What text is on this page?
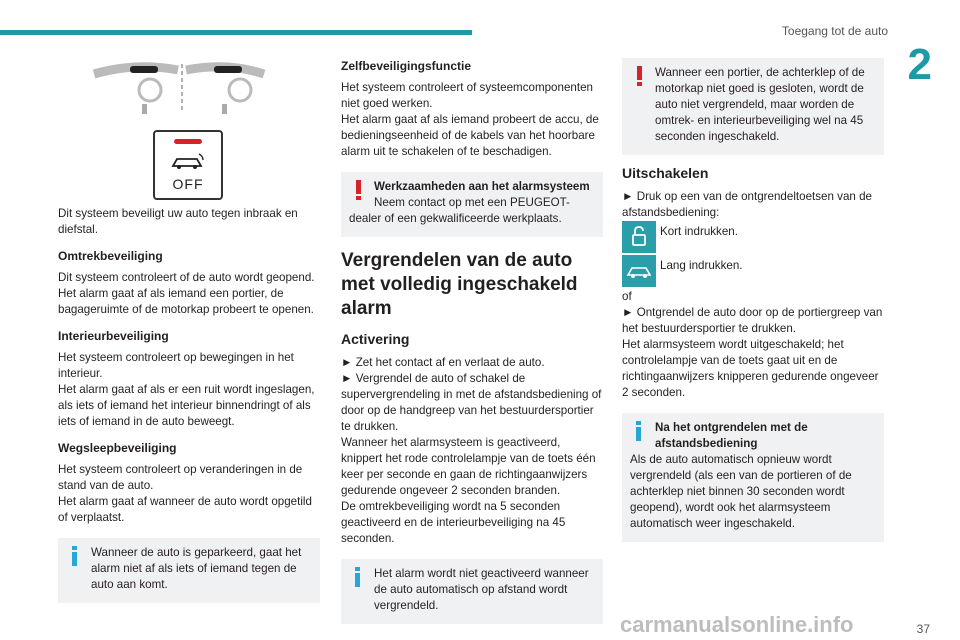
Toegang tot de auto
2
OFF

Dit systeem beveiligt uw auto tegen inbraak en diefstal.

Omtrekbeveiliging

Dit systeem controleert of de auto wordt geopend. Het alarm gaat af als iemand een portier, de bagageruimte of de motorkap probeert te openen.

Interieurbeveiliging

Het systeem controleert op bewegingen in het interieur.

Het alarm gaat af als er een ruit wordt ingeslagen, als iets of iemand het interieur binnendringt of als iets of iemand in de auto beweegt.

Wegsleepbeveiliging

Het systeem controleert op veranderingen in de stand van de auto.

Het alarm gaat af wanneer de auto wordt opgetild of verplaatst.

Wanneer de auto is geparkeerd, gaat het alarm niet af als iets of iemand tegen de auto aan komt.
Zelfbeveiligingsfunctie

Het systeem controleert of systeemcomponenten niet goed werken.

Het alarm gaat af als iemand probeert de accu, de bedieningseenheid of de kabels van het hoorbare alarm uit te schakelen of te beschadigen.

Werkzaamheden aan het alarmsysteem
Neem contact op met een PEUGEOT-dealer of een gekwalificeerde werkplaats.
Vergrendelen van de auto met volledig ingeschakeld alarm
Activering

► Zet het contact af en verlaat de auto.

► Vergrendel de auto of schakel de supervergrendeling in met de afstandsbediening of door op de handgreep van het bestuurdersportier te drukken.

Wanneer het alarmsysteem is geactiveerd, knippert het rode controlelampje van de toets één keer per seconde en gaan de richtingaanwijzers gedurende ongeveer 2 seconden branden.

De omtrekbeveiliging wordt na 5 seconden geactiveerd en de interieurbeveiliging na 45 seconden.

Het alarm wordt niet geactiveerd wanneer de auto automatisch op afstand wordt vergrendeld.
Wanneer een portier, de achterklep of de motorkap niet goed is gesloten, wordt de auto niet vergrendeld, maar worden de omtrek- en interieurbeveiliging wel na 45 seconden ingeschakeld.
Uitschakelen

► Druk op een van de ontgrendeltoetsen van de afstandsbediening:

Kort indrukken.
Lang indrukken.

of

► Ontgrendel de auto door op de portiergreep van het bestuurdersportier te drukken.

Het alarmsysteem wordt uitgeschakeld; het controlelampje van de toets gaat uit en de richtingaanwijzers knipperen gedurende ongeveer 2 seconden.

Na het ontgrendelen met de afstandsbediening
Als de auto automatisch opnieuw wordt vergrendeld (als een van de portieren of de achterklep niet binnen 30 seconden wordt geopend), wordt ook het alarmsysteem automatisch weer ingeschakeld.
carmanualsonline.info	37
